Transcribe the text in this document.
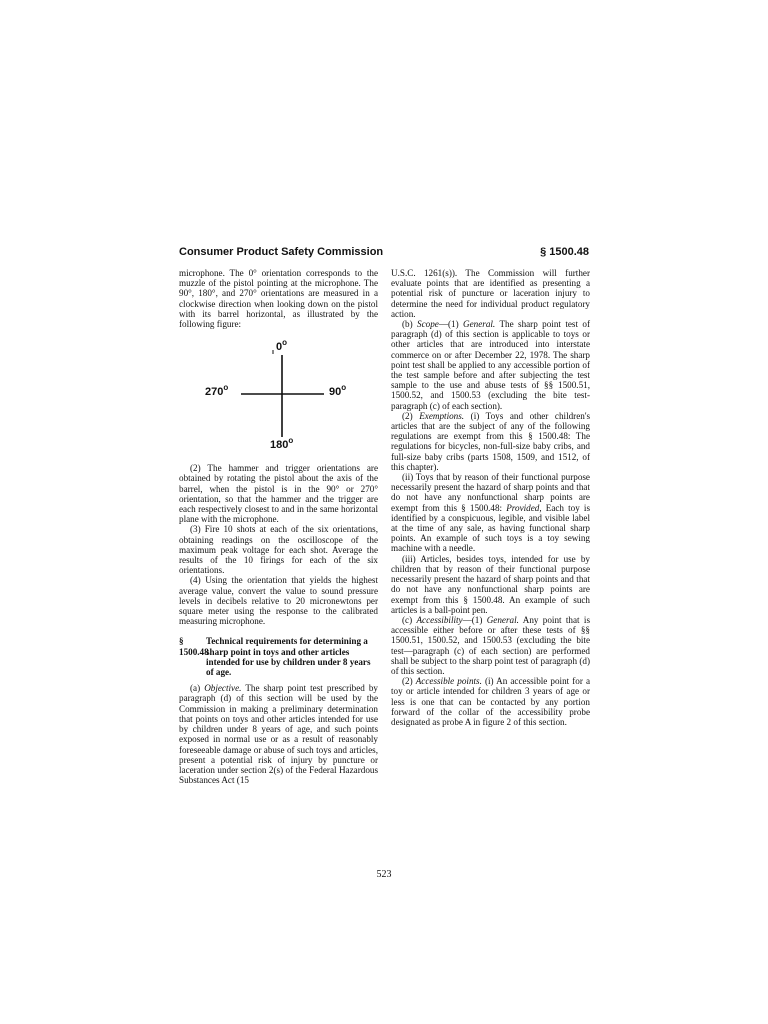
Consumer Product Safety Commission	§ 1500.48

microphone. The 0° orientation corresponds to the muzzle of the pistol pointing at the microphone. The 90°, 180°, and 270° orientations are measured in a clockwise direction when looking down on the pistol with its barrel horizontal, as illustrated by the following figure:

0$^o$
90$^o$
180$^o$
270$^o$

(2) The hammer and trigger orientations are obtained by rotating the pistol about the axis of the barrel, when the pistol is in the 90° or 270° orientation, so that the hammer and the trigger are each respectively closest to and in the same horizontal plane with the microphone.

(3) Fire 10 shots at each of the six orientations, obtaining readings on the oscilloscope of the maximum peak voltage for each shot. Average the results of the 10 firings for each of the six orientations.

(4) Using the orientation that yields the highest average value, convert the value to sound pressure levels in decibels relative to 20 micronewtons per square meter using the response to the calibrated measuring microphone.

§ 1500.48
Technical requirements for determining a sharp point in toys and other articles intended for use by children under 8 years of age.

(a) Objective. The sharp point test prescribed by paragraph (d) of this section will be used by the Commission in making a preliminary determination that points on toys and other articles intended for use by children under 8 years of age, and such points exposed in normal use or as a result of reasonably foreseeable damage or abuse of such toys and articles, present a potential risk of injury by puncture or laceration under section 2(s) of the Federal Hazardous Substances Act (15

U.S.C. 1261(s)). The Commission will further evaluate points that are identified as presenting a potential risk of puncture or laceration injury to determine the need for individual product regulatory action.

(b) Scope—(1) General. The sharp point test of paragraph (d) of this section is applicable to toys or other articles that are introduced into interstate commerce on or after December 22, 1978. The sharp point test shall be applied to any accessible portion of the test sample before and after subjecting the test sample to the use and abuse tests of §§ 1500.51, 1500.52, and 1500.53 (excluding the bite test-paragraph (c) of each section).

(2) Exemptions. (i) Toys and other children's articles that are the subject of any of the following regulations are exempt from this § 1500.48: The regulations for bicycles, non-full-size baby cribs, and full-size baby cribs (parts 1508, 1509, and 1512, of this chapter).

(ii) Toys that by reason of their functional purpose necessarily present the hazard of sharp points and that do not have any nonfunctional sharp points are exempt from this § 1500.48: Provided, Each toy is identified by a conspicuous, legible, and visible label at the time of any sale, as having functional sharp points. An example of such toys is a toy sewing machine with a needle.

(iii) Articles, besides toys, intended for use by children that by reason of their functional purpose necessarily present the hazard of sharp points and that do not have any nonfunctional sharp points are exempt from this § 1500.48. An example of such articles is a ball-point pen.

(c) Accessibility—(1) General. Any point that is accessible either before or after these tests of §§ 1500.51, 1500.52, and 1500.53 (excluding the bite test—paragraph (c) of each section) are performed shall be subject to the sharp point test of paragraph (d) of this section.

(2) Accessible points. (i) An accessible point for a toy or article intended for children 3 years of age or less is one that can be contacted by any portion forward of the collar of the accessibility probe designated as probe A in figure 2 of this section.

523
